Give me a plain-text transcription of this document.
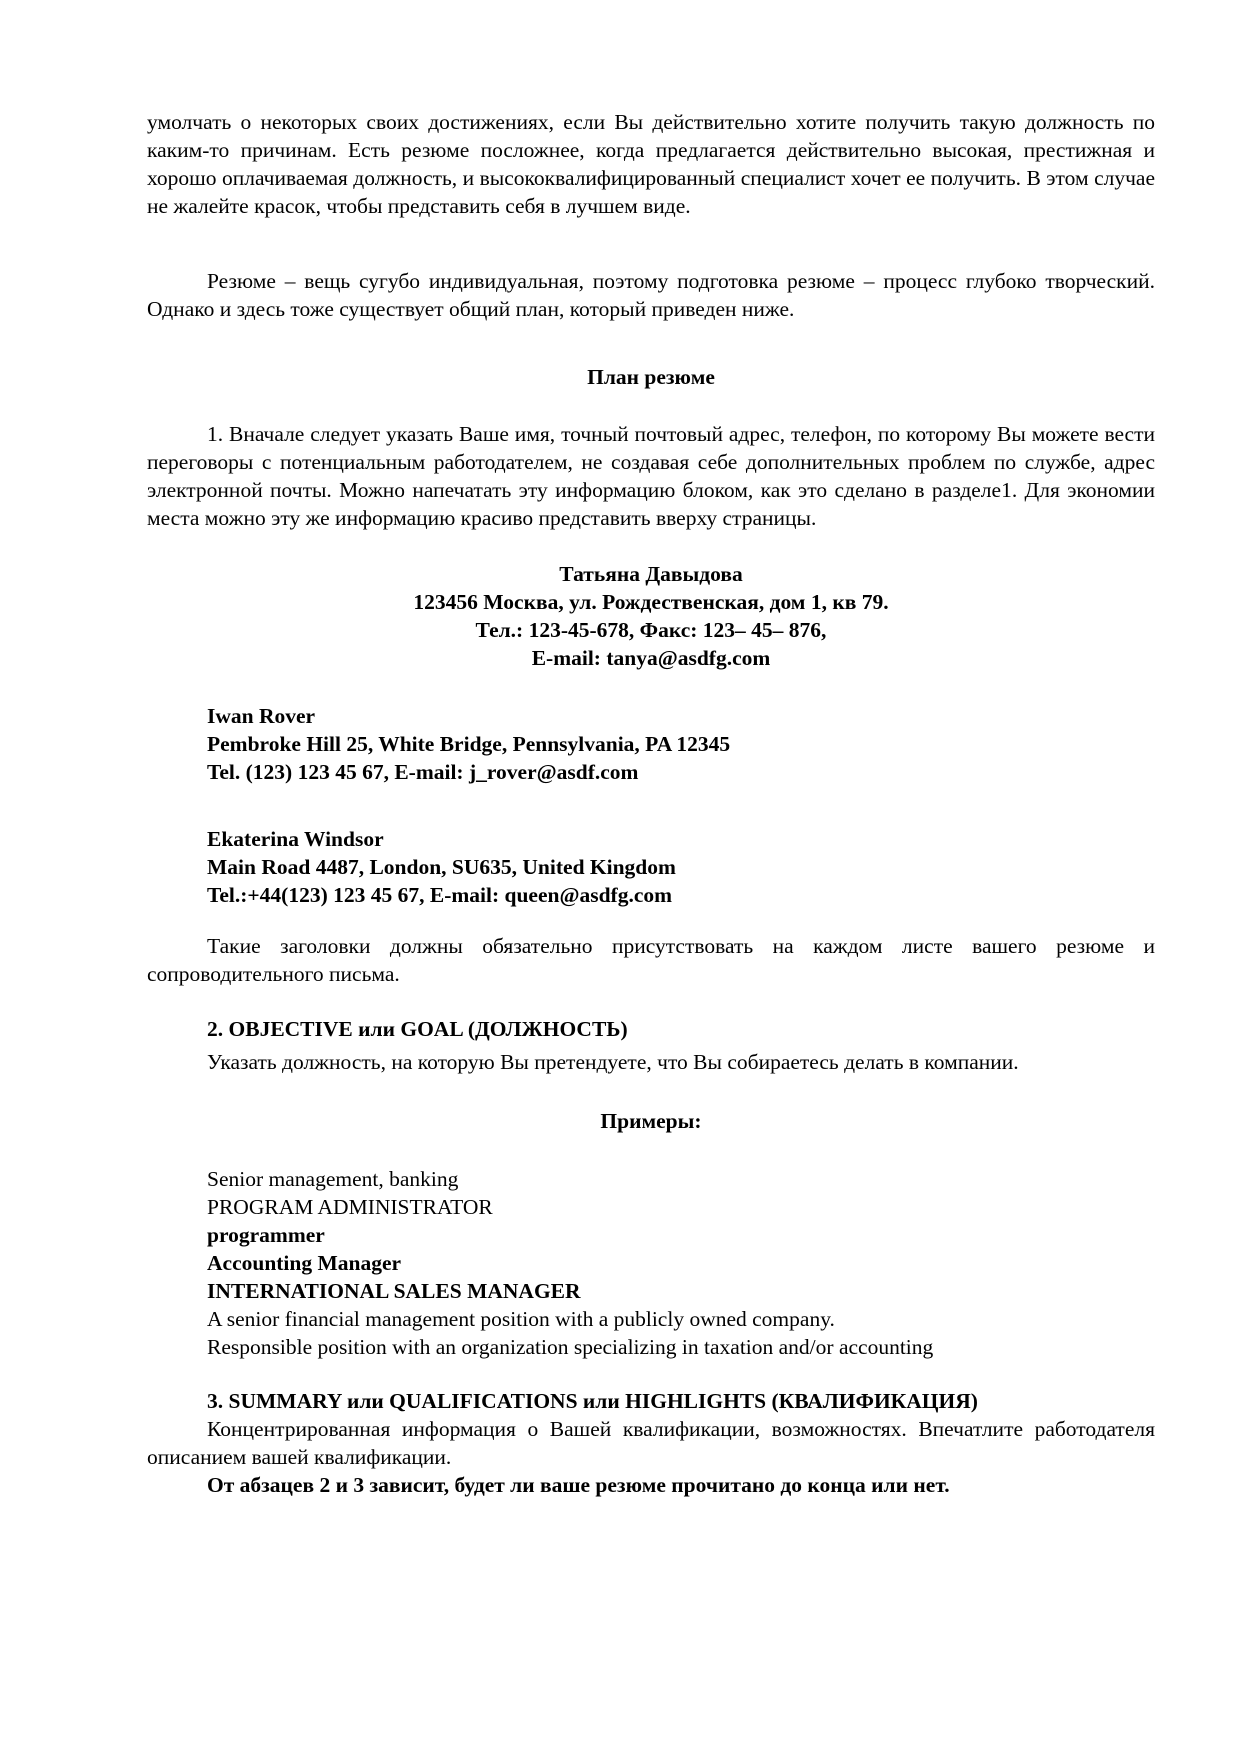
умолчать о некоторых своих достижениях, если Вы действительно хотите получить такую должность по каким-то причинам. Есть резюме посложнее, когда предлагается действительно высокая, престижная и хорошо оплачиваемая должность, и высококвалифицированный специалист хочет ее получить. В этом случае не жалейте красок, чтобы представить себя в лучшем виде.

Резюме – вещь сугубо индивидуальная, поэтому подготовка резюме – процесс глубоко творческий. Однако и здесь тоже существует общий план, который приведен ниже.

План резюме

1. Вначале следует указать Ваше имя, точный почтовый адрес, телефон, по которому Вы можете вести переговоры с потенциальным работодателем, не создавая себе дополнительных проблем по службе, адрес электронной почты. Можно напечатать эту информацию блоком, как это сделано в разделе1. Для экономии места можно эту же информацию красиво представить вверху страницы.

Татьяна Давыдова
123456 Москва, ул. Рождественская, дом 1, кв 79.
Тел.: 123-45-678, Факс: 123– 45– 876,
E-mail: tanya@asdfg.com
Iwan Rover
Pembroke Hill 25, White Bridge, Pennsylvania, PA 12345
Tel. (123) 123 45 67, E-mail: j_rover@asdf.com
Ekaterina Windsor
Main Road 4487, London, SU635, United Kingdom
Tel.:+44(123) 123 45 67, E-mail: queen@asdfg.com

Такие заголовки должны обязательно присутствовать на каждом листе вашего резюме и сопроводительного письма.

2. OBJECTIVE или GOAL (ДОЛЖНОСТЬ)

Указать должность, на которую Вы претендуете, что Вы собираетесь делать в компании.

Примеры:

Senior management, banking
PROGRAM ADMINISTRATOR
programmer
Accounting Manager
INTERNATIONAL SALES MANAGER
A senior financial management position with a publicly owned company.
Responsible position with an organization specializing in taxation and/or accounting

3. SUMMARY или QUALIFICATIONS или HIGHLIGHTS (КВАЛИФИКАЦИЯ)

Концентрированная информация о Вашей квалификации, возможностях. Впечатлите работодателя описанием вашей квалификации.

От абзацев 2 и 3 зависит, будет ли ваше резюме прочитано до конца или нет.
